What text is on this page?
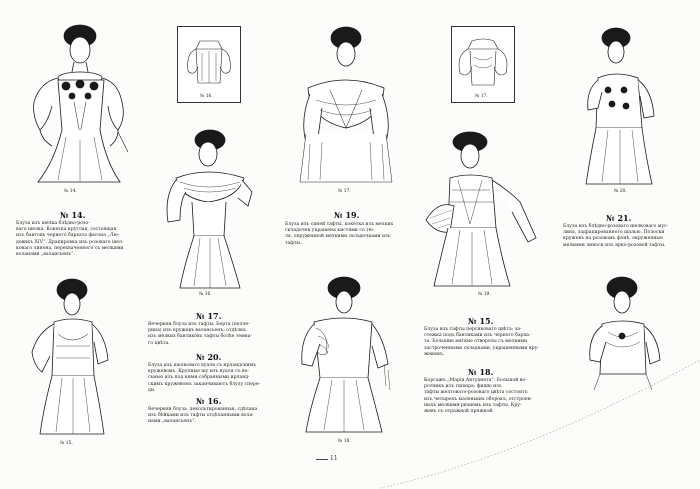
№ 14.
№ 16.
№ 16.
№ 17.
№ 17.
№ 19.
№ 20.
№ 15.	№ 18.
№ 14.
Блуза изъ шелка блѣдно-розо-
ваго шелка. Кокетка круглая, состоящая
изъ бантовъ черного бархата фасона „Лю-
довикъ XIV“. Драпировка изъ розоваго шел-
коваго линона, перехваченного съ мелкими
воланами „валансьенъ“.
№ 19.
Блуза изъ синей тафты, кокетка изъ мелких
складочек украшена кистями со тю-
ля, окруженной мелкими складочками изъ
тафты.
№ 21.
Блуза изъ блѣдно-розоваго шелковаго мус-
лина, задрапированного шалью. Полоски
кружевъ на розовомъ фонѣ, окруженные
мелкими линоси изъ ярко-розовой тафты.
№ 17.
Вечерняя блуза изъ тафты. Берта (пелле-
рина) изъ кружевъ валансьенъ; отдѣлка
изъ мелких бантиковъ тафты болѣе темна-
го цвѣта.
№ 20.
Блуза изъ шелковаго вуаля съ ирландскимъ
кружевомъ. Крупные шу изъ вуаля съ во-
сьмью изъ под ними собранными ирланд-
скимъ кружевомъ заканчиваютъ блузу спере-
ди.
№ 16.
Вечерняя блуза, декольтированная, сдѣлана
изъ бѣйками изъ тафты отдѣланными вола-
нами „валансьенъ“.
№ 15.
Блуза изъ тафты персиковаго цвѣта; за-
стежка подъ бантиками изъ черного барха-
та. Большие мягкие отвороты съ мелкими
застроченными складками, украшенными кру-
жевомъ.
№ 18.
Корсажъ „Марія Антуанета“. Большой во-
ротникъ изъ гипюра; фишю изъ
тафты желтовато-розоваго цвѣта состоитъ
изъ четырехъ маленьких оборокъ, отстроен-
ныхъ мелкими рюшемъ изъ тафты. Кру-
жевъ съ отражной пряжкой.
11
